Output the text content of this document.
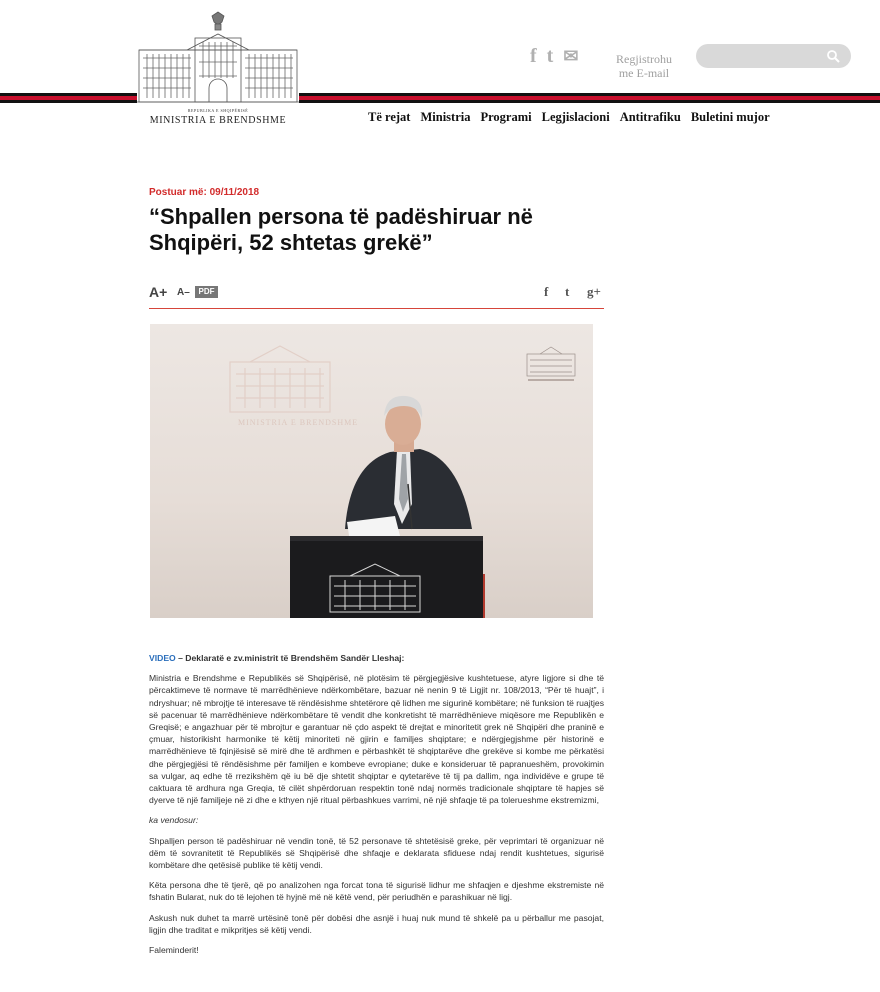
REPUBLIKA E SHQIPËRISË
MINISTRIA E BRENDSHME
f t ✉	Regjistrohu
me E-mail
Të rejat Ministria Programi Legjislacioni Antitrafiku Buletini mujor
Postuar më: 09/11/2018
“Shpallen persona të padëshiruar në Shqipëri, 52 shtetas grekë”
A+ A–	PDF	f t g+
MINISTRIA E BRENDSHME

VIDEO – Deklaratë e zv.ministrit të Brendshëm Sandër Lleshaj:

Ministria e Brendshme e Republikës së Shqipërisë, në plotësim të përgjegjësive kushtetuese, atyre ligjore si dhe të përcaktimeve të normave të marrëdhënieve ndërkombëtare, bazuar në nenin 9 të Ligjit nr. 108/2013, “Për të huajt”, i ndryshuar; në mbrojtje të interesave të rëndësishme shtetërore që lidhen me sigurinë kombëtare; në funksion të ruajtjes së pacenuar të marrëdhënieve ndërkombëtare të vendit dhe konkretisht të marrëdhënieve miqësore me Republikën e Greqisë; e angazhuar për të mbrojtur e garantuar në çdo aspekt të drejtat e minoritetit grek në Shqipëri dhe praninë e çmuar, historikisht harmonike të këtij minoriteti në gjirin e familjes shqiptare; e ndërgjegjshme për historinë e marrëdhënieve të fqinjësisë së mirë dhe të ardhmen e përbashkët të shqiptarëve dhe grekëve si kombe me përkatësi dhe përgjegjësi të rëndësishme për familjen e kombeve evropiane; duke e konsideruar të papranueshëm, provokimin sa vulgar, aq edhe të rrezikshëm që iu bë dje shtetit shqiptar e qytetarëve të tij pa dallim, nga individëve e grupe të caktuara të ardhura nga Greqia, të cilët shpërdoruan respektin tonë ndaj normës tradicionale shqiptare të hapjes së dyerve të një familjeje në zi dhe e kthyen një ritual përbashkues varrimi, në një shfaqje të pa tolerueshme ekstremizmi,

ka vendosur:

Shpalljen person të padëshiruar në vendin tonë, të 52 personave të shtetësisë greke, për veprimtari të organizuar në dëm të sovranitetit të Republikës së Shqipërisë dhe shfaqje e deklarata sfiduese ndaj rendit kushtetues, sigurisë kombëtare dhe qetësisë publike të këtij vendi.

Këta persona dhe të tjerë, që po analizohen nga forcat tona të sigurisë lidhur me shfaqjen e djeshme ekstremiste në fshatin Bularat, nuk do të lejohen të hyjnë më në këtë vend, për periudhën e parashikuar në ligj.

Askush nuk duhet ta marrë urtësinë tonë për dobësi dhe asnjë i huaj nuk mund të shkelë pa u përballur me pasojat, ligjin dhe traditat e mikpritjes së këtij vendi.

Faleminderit!
